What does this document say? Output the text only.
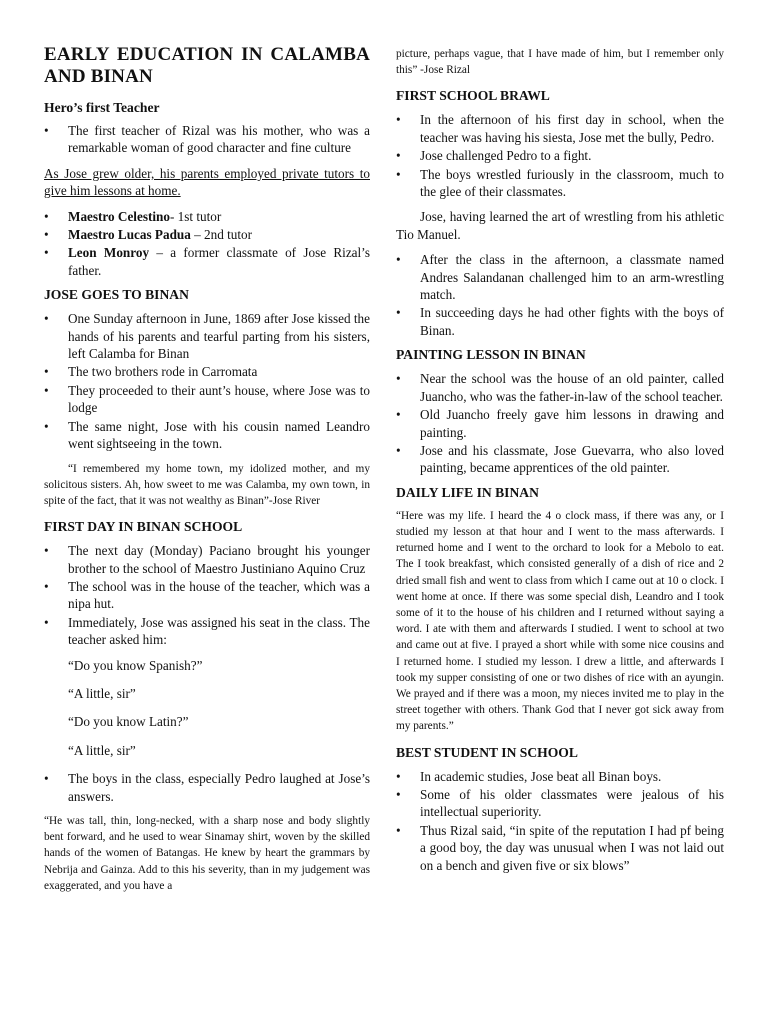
EARLY EDUCATION IN CALAMBA AND BINAN
Hero’s first Teacher
• The first teacher of Rizal was his mother, who was a remarkable woman of good character and fine culture

As Jose grew older, his parents employed private tutors to give him lessons at home.

• Maestro Celestino- 1st tutor
• Maestro Lucas Padua – 2nd tutor
• Leon Monroy – a former classmate of Jose Rizal’s father.
JOSE GOES TO BINAN
• One Sunday afternoon in June, 1869 after Jose kissed the hands of his parents and tearful parting from his sisters, left Calamba for Binan
• The two brothers rode in Carromata
• They proceeded to their aunt’s house, where Jose was to lodge
• The same night, Jose with his cousin named Leandro went sightseeing in the town.

“I remembered my home town, my idolized mother, and my solicitous sisters. Ah, how sweet to me was Calamba, my own town, in spite of the fact, that it was not wealthy as Binan”-Jose River

FIRST DAY IN BINAN SCHOOL
• The next day (Monday) Paciano brought his younger brother to the school of Maestro Justiniano Aquino Cruz
• The school was in the house of the teacher, which was a nipa hut.
• Immediately, Jose was assigned his seat in the class. The teacher asked him:

“Do you know Spanish?”

“A little, sir”

“Do you know Latin?”

“A little, sir”

• The boys in the class, especially Pedro laughed at Jose’s answers.

“He was tall, thin, long-necked, with a sharp nose and body slightly bent forward, and he used to wear Sinamay shirt, woven by the skilled hands of the women of Batangas. He knew by heart the grammars by Nebrija and Gainza. Add to this his severity, than in my judgement was exaggerated, and you have a

picture, perhaps vague, that I have made of him, but I remember only this” -Jose Rizal

FIRST SCHOOL BRAWL
• In the afternoon of his first day in school, when the teacher was having his siesta, Jose met the bully, Pedro.
• Jose challenged Pedro to a fight.
• The boys wrestled furiously in the classroom, much to the glee of their classmates.

Jose, having learned the art of wrestling from his athletic Tio Manuel.

• After the class in the afternoon, a classmate named Andres Salandanan challenged him to an arm-wrestling match.
• In succeeding days he had other fights with the boys of Binan.
PAINTING LESSON IN BINAN
• Near the school was the house of an old painter, called Juancho, who was the father-in-law of the school teacher.
• Old Juancho freely gave him lessons in drawing and painting.
• Jose and his classmate, Jose Guevarra, who also loved painting, became apprentices of the old painter.
DAILY LIFE IN BINAN

“Here was my life. I heard the 4 o clock mass, if there was any, or I studied my lesson at that hour and I went to the mass afterwards. I returned home and I went to the orchard to look for a Mebolo to eat. The I took breakfast, which consisted generally of a dish of rice and 2 dried small fish and went to class from which I came out at 10 o clock. I went home at once. If there was some special dish, Leandro and I took some of it to the house of his children and I returned without saying a word. I ate with them and afterwards I studied. I went to school at two and came out at five. I prayed a short while with some nice cousins and I returned home. I studied my lesson. I drew a little, and afterwards I took my supper consisting of one or two dishes of rice with an ayungin. We prayed and if there was a moon, my nieces invited me to play in the street together with others. Thank God that I never got sick away from my parents.”

BEST STUDENT IN SCHOOL
• In academic studies, Jose beat all Binan boys.
• Some of his older classmates were jealous of his intellectual superiority.
• Thus Rizal said, “in spite of the reputation I had pf being a good boy, the day was unusual when I was not laid out on a bench and given five or six blows”
